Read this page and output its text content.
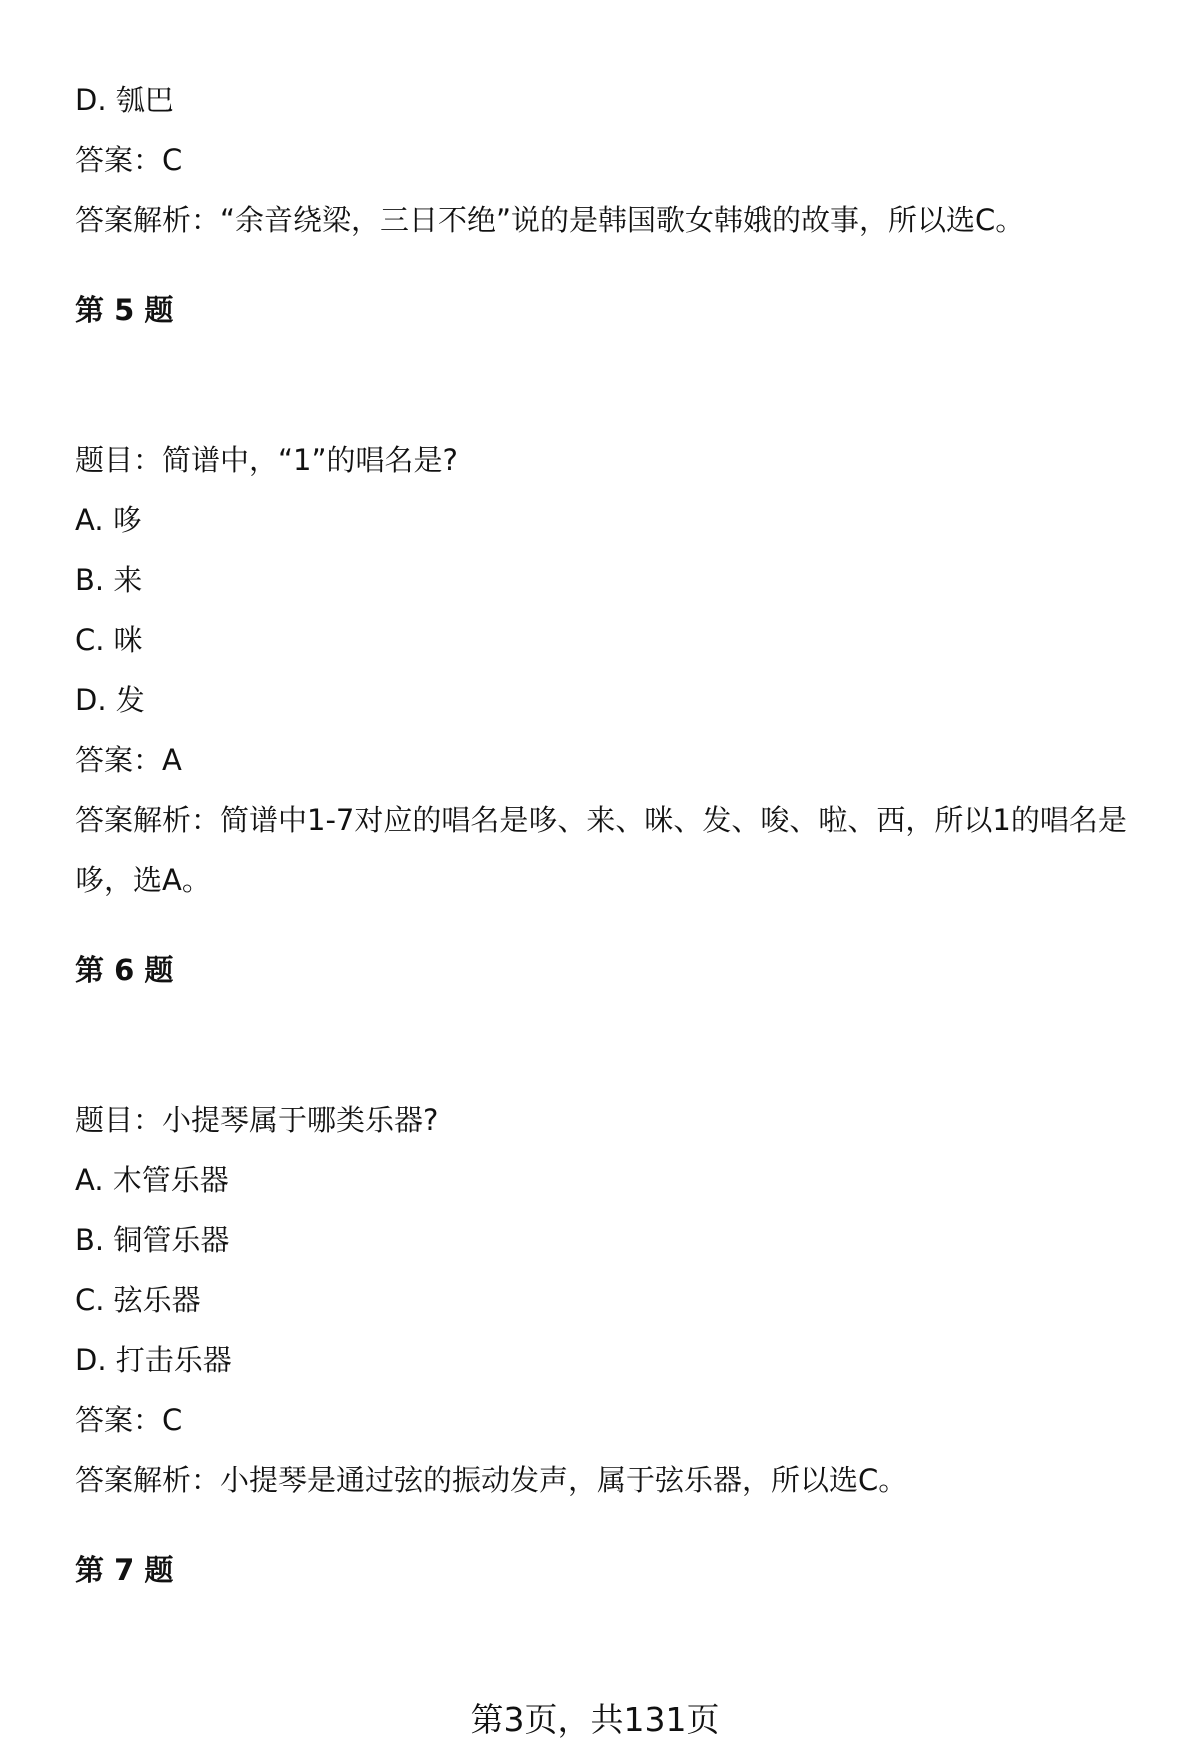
D. 瓠巴
答案：C
答案解析：“余音绕梁，三日不绝”说的是韩国歌女韩娥的故事，所以选C。
第 5 题
题目：简谱中，“1”的唱名是?
A. 哆
B. 来
C. 咪
D. 发
答案：A
答案解析：简谱中1-7对应的唱名是哆、来、咪、发、唆、啦、西，所以1的唱名是哆，选A。
第 6 题
题目：小提琴属于哪类乐器?
A. 木管乐器
B. 铜管乐器
C. 弦乐器
D. 打击乐器
答案：C
答案解析：小提琴是通过弦的振动发声，属于弦乐器，所以选C。
第 7 题
第3页，共131页
